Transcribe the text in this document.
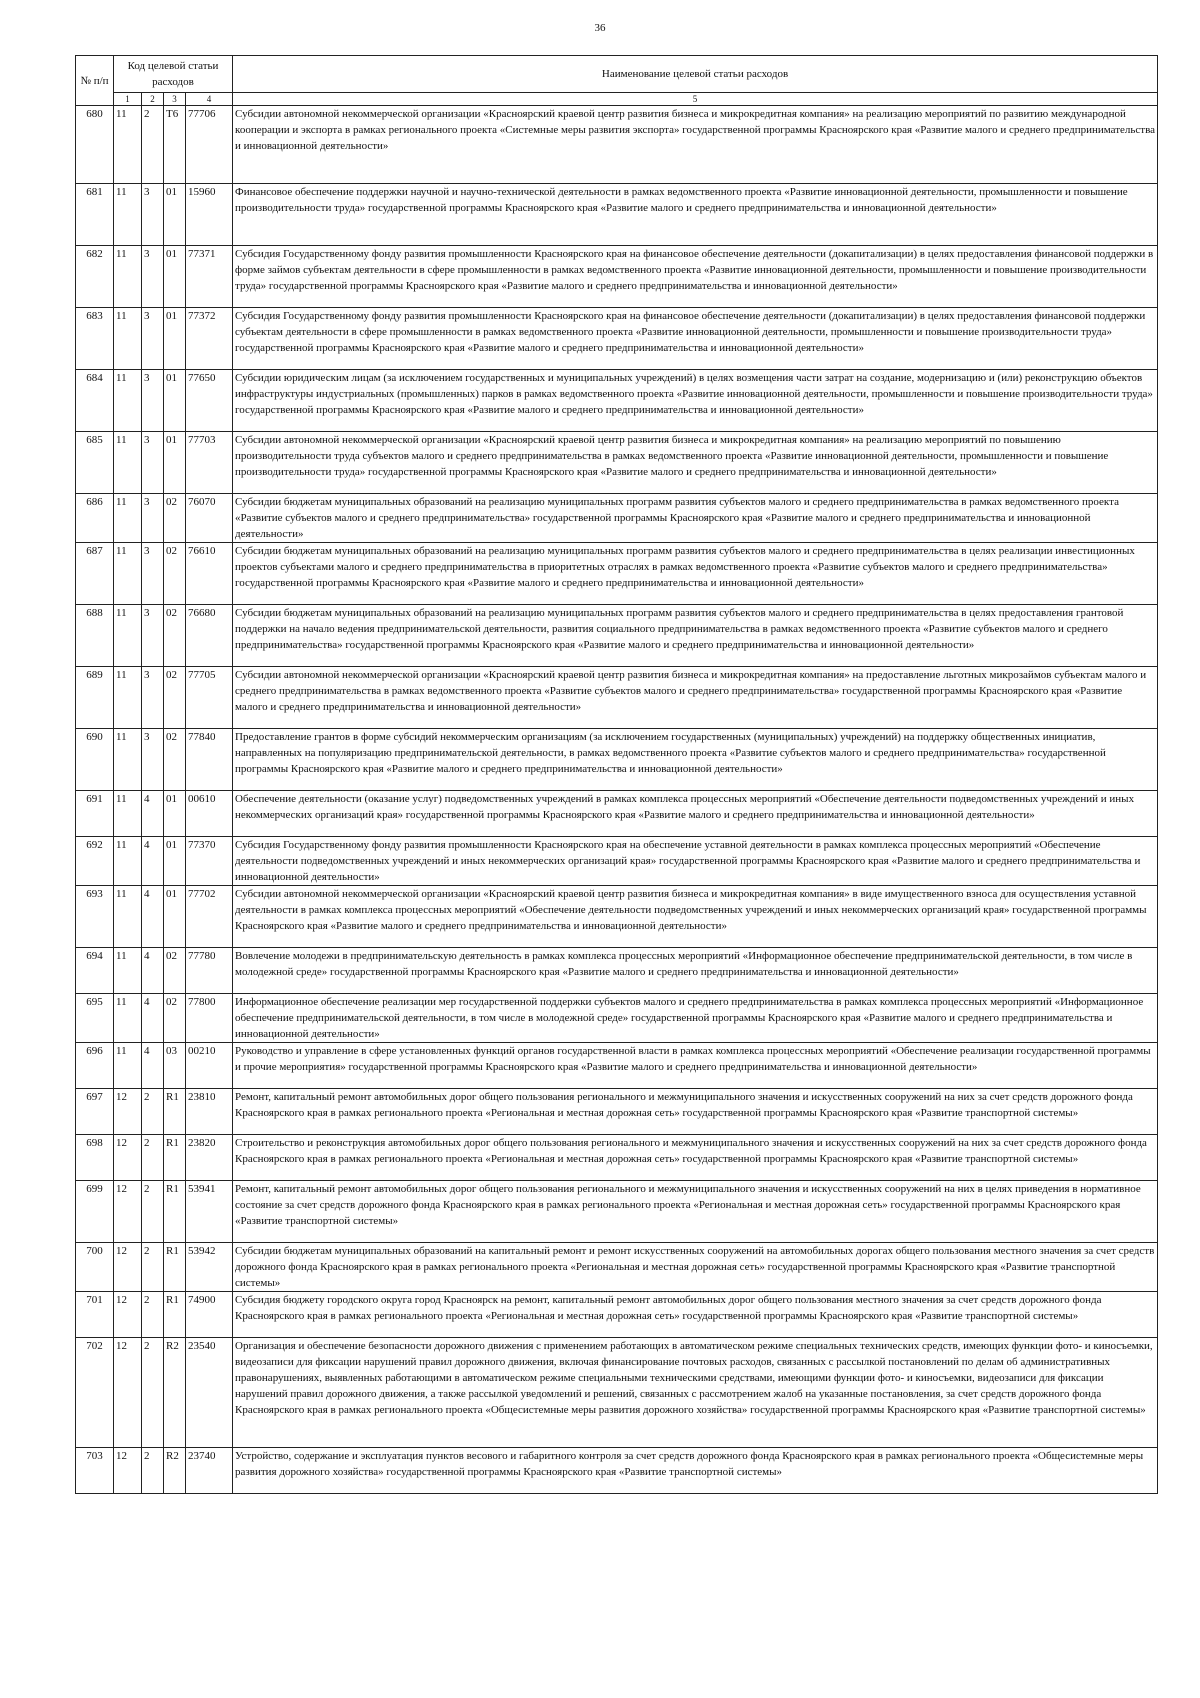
36
№ п/п	Код целевой статьи расходов				Наименование целевой статьи расходов
	1	2	3	4	5
680	11	2	T6	77706	Субсидии автономной некоммерческой организации «Красноярский краевой центр развития бизнеса и микрокредитная компания» на реализацию мероприятий по развитию международной кооперации и экспорта в рамках регионального проекта «Системные меры развития экспорта» государственной программы Красноярского края «Развитие малого и среднего предпринимательства и инновационной деятельности»
681	11	3	01	15960	Финансовое обеспечение поддержки научной и научно-технической деятельности в рамках ведомственного проекта «Развитие инновационной деятельности, промышленности и повышение производительности труда» государственной программы Красноярского края «Развитие малого и среднего предпринимательства и инновационной деятельности»
682	11	3	01	77371	Субсидия Государственному фонду развития промышленности Красноярского края на финансовое обеспечение деятельности (докапитализации) в целях предоставления финансовой поддержки в форме займов субъектам деятельности в сфере промышленности в рамках ведомственного проекта «Развитие инновационной деятельности, промышленности и повышение производительности труда» государственной программы Красноярского края «Развитие малого и среднего предпринимательства и инновационной деятельности»
683	11	3	01	77372	Субсидия Государственному фонду развития промышленности Красноярского края на финансовое обеспечение деятельности (докапитализации) в целях предоставления финансовой поддержки субъектам деятельности в сфере промышленности в рамках ведомственного проекта «Развитие инновационной деятельности, промышленности и повышение производительности труда» государственной программы Красноярского края «Развитие малого и среднего предпринимательства и инновационной деятельности»
684	11	3	01	77650	Субсидии юридическим лицам (за исключением государственных и муниципальных учреждений) в целях возмещения части затрат на создание, модернизацию и (или) реконструкцию объектов инфраструктуры индустриальных (промышленных) парков в рамках ведомственного проекта «Развитие инновационной деятельности, промышленности и повышение производительности труда» государственной программы Красноярского края «Развитие малого и среднего предпринимательства и инновационной деятельности»
685	11	3	01	77703	Субсидии автономной некоммерческой организации «Красноярский краевой центр развития бизнеса и микрокредитная компания» на реализацию мероприятий по повышению производительности труда субъектов малого и среднего предпринимательства в рамках ведомственного проекта «Развитие инновационной деятельности, промышленности и повышение производительности труда» государственной программы Красноярского края «Развитие малого и среднего предпринимательства и инновационной деятельности»
686	11	3	02	76070	Субсидии бюджетам муниципальных образований на реализацию муниципальных программ развития субъектов малого и среднего предпринимательства в рамках ведомственного проекта «Развитие субъектов малого и среднего предпринимательства» государственной программы Красноярского края «Развитие малого и среднего предпринимательства и инновационной деятельности»
687	11	3	02	76610	Субсидии бюджетам муниципальных образований на реализацию муниципальных программ развития субъектов малого и среднего предпринимательства в целях реализации инвестиционных проектов субъектами малого и среднего предпринимательства в приоритетных отраслях в рамках ведомственного проекта «Развитие субъектов малого и среднего предпринимательства» государственной программы Красноярского края «Развитие малого и среднего предпринимательства и инновационной деятельности»
688	11	3	02	76680	Субсидии бюджетам муниципальных образований на реализацию муниципальных программ развития субъектов малого и среднего предпринимательства в целях предоставления грантовой поддержки на начало ведения предпринимательской деятельности, развития социального предпринимательства в рамках ведомственного проекта «Развитие субъектов малого и среднего предпринимательства» государственной программы Красноярского края «Развитие малого и среднего предпринимательства и инновационной деятельности»
689	11	3	02	77705	Субсидии автономной некоммерческой организации «Красноярский краевой центр развития бизнеса и микрокредитная компания» на предоставление льготных микрозаймов субъектам малого и среднего предпринимательства в рамках ведомственного проекта «Развитие субъектов малого и среднего предпринимательства» государственной программы Красноярского края «Развитие малого и среднего предпринимательства и инновационной деятельности»
690	11	3	02	77840	Предоставление грантов в форме субсидий некоммерческим организациям (за исключением государственных (муниципальных) учреждений) на поддержку общественных инициатив, направленных на популяризацию предпринимательской деятельности, в рамках ведомственного проекта «Развитие субъектов малого и среднего предпринимательства» государственной программы Красноярского края «Развитие малого и среднего предпринимательства и инновационной деятельности»
691	11	4	01	00610	Обеспечение деятельности (оказание услуг) подведомственных учреждений в рамках комплекса процессных мероприятий «Обеспечение деятельности подведомственных учреждений и иных некоммерческих организаций края» государственной программы Красноярского края «Развитие малого и среднего предпринимательства и инновационной деятельности»
692	11	4	01	77370	Субсидия Государственному фонду развития промышленности Красноярского края на обеспечение уставной деятельности в рамках комплекса процессных мероприятий «Обеспечение деятельности подведомственных учреждений и иных некоммерческих организаций края» государственной программы Красноярского края «Развитие малого и среднего предпринимательства и инновационной деятельности»
693	11	4	01	77702	Субсидии автономной некоммерческой организации «Красноярский краевой центр развития бизнеса и микрокредитная компания» в виде имущественного взноса для осуществления уставной деятельности в рамках комплекса процессных мероприятий «Обеспечение деятельности подведомственных учреждений и иных некоммерческих организаций края» государственной программы Красноярского края «Развитие малого и среднего предпринимательства и инновационной деятельности»
694	11	4	02	77780	Вовлечение молодежи в предпринимательскую деятельность в рамках комплекса процессных мероприятий «Информационное обеспечение предпринимательской деятельности, в том числе в молодежной среде» государственной программы Красноярского края «Развитие малого и среднего предпринимательства и инновационной деятельности»
695	11	4	02	77800	Информационное обеспечение реализации мер государственной поддержки субъектов малого и среднего предпринимательства в рамках комплекса процессных мероприятий «Информационное обеспечение предпринимательской деятельности, в том числе в молодежной среде» государственной программы Красноярского края «Развитие малого и среднего предпринимательства и инновационной деятельности»
696	11	4	03	00210	Руководство и управление в сфере установленных функций органов государственной власти в рамках комплекса процессных мероприятий «Обеспечение реализации государственной программы и прочие мероприятия» государственной программы Красноярского края «Развитие малого и среднего предпринимательства и инновационной деятельности»
697	12	2	R1	23810	Ремонт, капитальный ремонт автомобильных дорог общего пользования регионального и межмуниципального значения и искусственных сооружений на них за счет средств дорожного фонда Красноярского края в рамках регионального проекта «Региональная и местная дорожная сеть» государственной программы Красноярского края «Развитие транспортной системы»
698	12	2	R1	23820	Строительство и реконструкция автомобильных дорог общего пользования регионального и межмуниципального значения и искусственных сооружений на них за счет средств дорожного фонда Красноярского края в рамках регионального проекта «Региональная и местная дорожная сеть» государственной программы Красноярского края «Развитие транспортной системы»
699	12	2	R1	53941	Ремонт, капитальный ремонт автомобильных дорог общего пользования регионального и межмуниципального значения и искусственных сооружений на них в целях приведения в нормативное состояние за счет средств дорожного фонда Красноярского края в рамках регионального проекта «Региональная и местная дорожная сеть» государственной программы Красноярского края «Развитие транспортной системы»
700	12	2	R1	53942	Субсидии бюджетам муниципальных образований на капитальный ремонт и ремонт искусственных сооружений на автомобильных дорогах общего пользования местного значения за счет средств дорожного фонда Красноярского края в рамках регионального проекта «Региональная и местная дорожная сеть» государственной программы Красноярского края «Развитие транспортной системы»
701	12	2	R1	74900	Субсидия бюджету городского округа город Красноярск на ремонт, капитальный ремонт автомобильных дорог общего пользования местного значения за счет средств дорожного фонда Красноярского края в рамках регионального проекта «Региональная и местная дорожная сеть» государственной программы Красноярского края «Развитие транспортной системы»
702	12	2	R2	23540	Организация и обеспечение безопасности дорожного движения с применением работающих в автоматическом режиме специальных технических средств, имеющих функции фото- и киносъемки, видеозаписи для фиксации нарушений правил дорожного движения, включая финансирование почтовых расходов, связанных с рассылкой постановлений по делам об административных правонарушениях, выявленных работающими в автоматическом режиме специальными техническими средствами, имеющими функции фото- и киносъемки, видеозаписи для фиксации нарушений правил дорожного движения, а также рассылкой уведомлений и решений, связанных с рассмотрением жалоб на указанные постановления, за счет средств дорожного фонда Красноярского края в рамках регионального проекта «Общесистемные меры развития дорожного хозяйства» государственной программы Красноярского края «Развитие транспортной системы»
703	12	2	R2	23740	Устройство, содержание и эксплуатация пунктов весового и габаритного контроля за счет средств дорожного фонда Красноярского края в рамках регионального проекта «Общесистемные меры развития дорожного хозяйства» государственной программы Красноярского края «Развитие транспортной системы»
